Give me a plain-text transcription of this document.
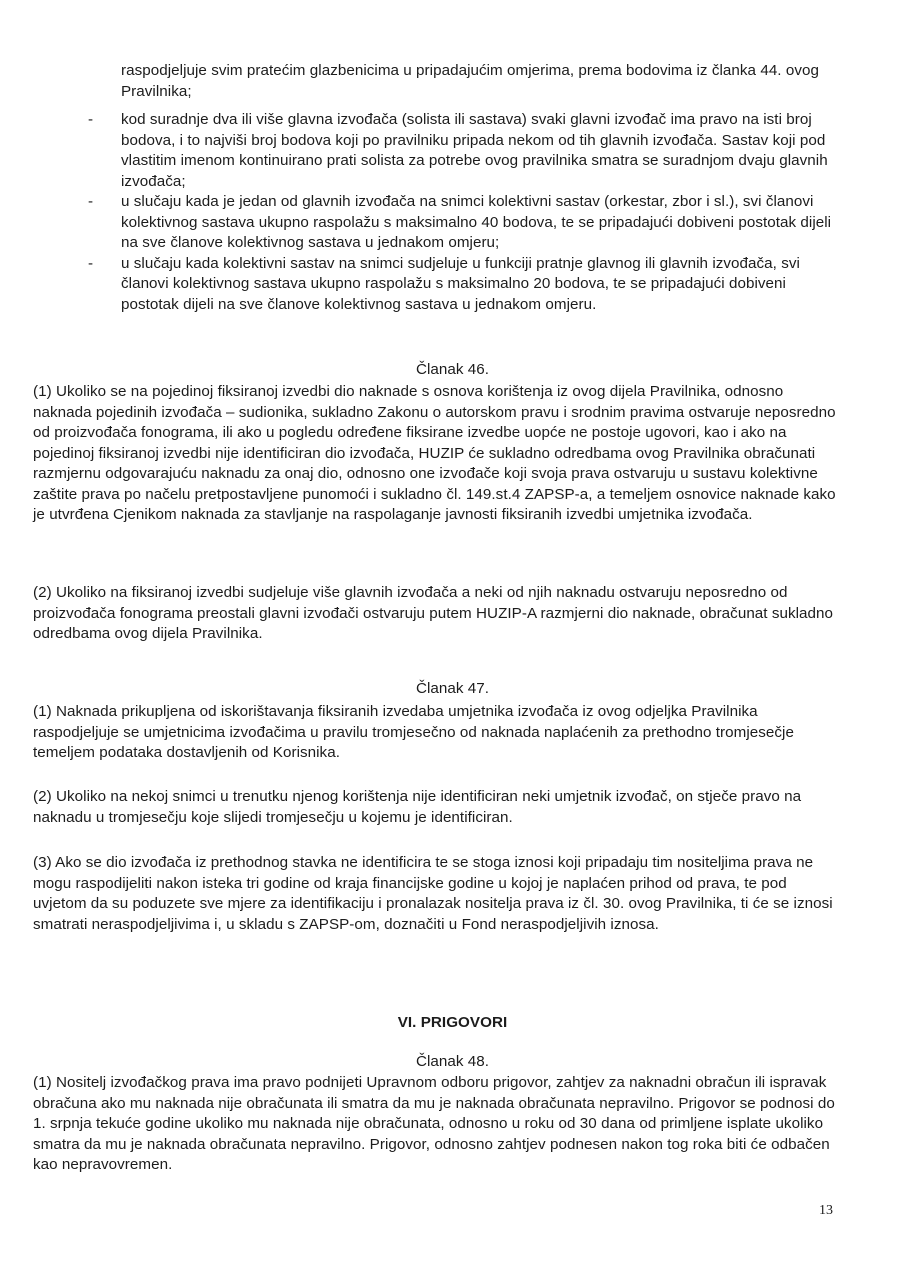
raspodjeljuje svim pratećim glazbenicima u pripadajućim omjerima, prema bodovima iz članka 44. ovog Pravilnika;

- kod suradnje dva ili više glavna izvođača (solista ili sastava) svaki glavni izvođač ima pravo na isti broj bodova, i to najviši broj bodova koji po pravilniku pripada nekom od tih glavnih izvođača. Sastav koji pod vlastitim imenom kontinuirano prati solista za potrebe ovog pravilnika smatra se suradnjom dvaju glavnih izvođača;
- u slučaju kada je jedan od glavnih izvođača na snimci kolektivni sastav (orkestar, zbor i sl.), svi članovi kolektivnog sastava ukupno raspolažu s maksimalno 40 bodova, te se pripadajući dobiveni postotak dijeli na sve članove kolektivnog sastava u jednakom omjeru;
- u slučaju kada kolektivni sastav na snimci sudjeluje u funkciji pratnje glavnog ili glavnih izvođača, svi članovi kolektivnog sastava ukupno raspolažu s maksimalno 20 bodova, te se pripadajući dobiveni postotak dijeli na sve članove kolektivnog sastava u jednakom omjeru.
Članak 46.

(1) Ukoliko se na pojedinoj fiksiranoj izvedbi dio naknade s osnova korištenja iz ovog dijela Pravilnika, odnosno naknada pojedinih izvođača – sudionika, sukladno Zakonu o autorskom pravu i srodnim pravima ostvaruje neposredno od proizvođača fonograma, ili ako u pogledu određene fiksirane izvedbe uopće ne postoje ugovori, kao i ako na pojedinoj fiksiranoj izvedbi nije identificiran dio izvođača, HUZIP će sukladno odredbama ovog Pravilnika obračunati razmjernu odgovarajuću naknadu za onaj dio, odnosno one izvođače koji svoja prava ostvaruju u sustavu kolektivne zaštite prava po načelu pretpostavljene punomoći i sukladno čl. 149.st.4 ZAPSP-a, a temeljem osnovice naknade kako je utvrđena Cjenikom naknada za stavljanje na raspolaganje javnosti fiksiranih izvedbi umjetnika izvođača.

(2) Ukoliko na fiksiranoj izvedbi sudjeluje više glavnih izvođača a neki od njih naknadu ostvaruju neposredno od proizvođača fonograma preostali glavni izvođači ostvaruju putem HUZIP-A razmjerni dio naknade, obračunat sukladno odredbama ovog dijela Pravilnika.

Članak 47.

(1) Naknada prikupljena od iskorištavanja fiksiranih izvedaba umjetnika izvođača iz ovog odjeljka Pravilnika raspodjeljuje se umjetnicima izvođačima u pravilu tromjesečno od naknada naplaćenih za prethodno tromjesečje temeljem podataka dostavljenih od Korisnika.

(2) Ukoliko na nekoj snimci u trenutku njenog korištenja nije identificiran neki umjetnik izvođač, on stječe pravo na naknadu u tromjesečju koje slijedi tromjesečju u kojemu je identificiran.

(3) Ako se dio izvođača iz prethodnog stavka ne identificira te se stoga iznosi koji pripadaju tim nositeljima prava ne mogu raspodijeliti nakon isteka tri godine od kraja financijske godine u kojoj je naplaćen prihod od prava, te pod uvjetom da su poduzete sve mjere za identifikaciju i pronalazak nositelja prava iz čl. 30. ovog Pravilnika, ti će se iznosi smatrati neraspodjeljivima i, u skladu s ZAPSP-om, doznačiti u Fond neraspodjeljivih iznosa.

VI. PRIGOVORI
Članak 48.

(1) Nositelj izvođačkog prava ima pravo podnijeti Upravnom odboru prigovor, zahtjev za naknadni obračun ili ispravak obračuna ako mu naknada nije obračunata ili smatra da mu je naknada obračunata nepravilno. Prigovor se podnosi do 1. srpnja tekuće godine ukoliko mu naknada nije obračunata, odnosno u roku od 30 dana od primljene isplate ukoliko smatra da mu je naknada obračunata nepravilno. Prigovor, odnosno zahtjev podnesen nakon tog roka biti će odbačen kao nepravovremen.

13
